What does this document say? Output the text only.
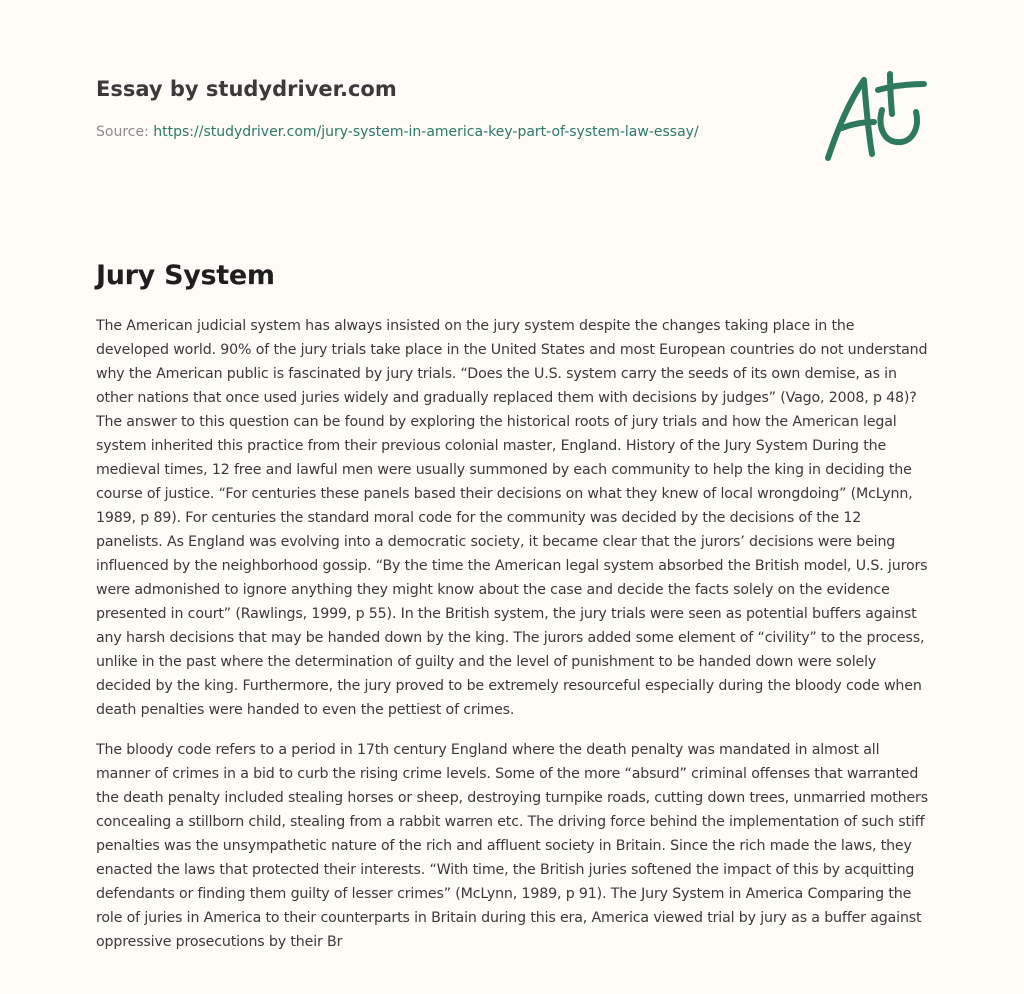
Essay by studydriver.com
Source: https://studydriver.com/jury-system-in-america-key-part-of-system-law-essay/
Jury System

The American judicial system has always insisted on the jury system despite the changes taking place in the developed world. 90% of the jury trials take place in the United States and most European countries do not understand why the American public is fascinated by jury trials. “Does the U.S. system carry the seeds of its own demise, as in other nations that once used juries widely and gradually replaced them with decisions by judges” (Vago, 2008, p 48)? The answer to this question can be found by exploring the historical roots of jury trials and how the American legal system inherited this practice from their previous colonial master, England. History of the Jury System During the medieval times, 12 free and lawful men were usually summoned by each community to help the king in deciding the course of justice. “For centuries these panels based their decisions on what they knew of local wrongdoing” (McLynn, 1989, p 89). For centuries the standard moral code for the community was decided by the decisions of the 12 panelists. As England was evolving into a democratic society, it became clear that the jurors’ decisions were being influenced by the neighborhood gossip. “By the time the American legal system absorbed the British model, U.S. jurors were admonished to ignore anything they might know about the case and decide the facts solely on the evidence presented in court” (Rawlings, 1999, p 55). In the British system, the jury trials were seen as potential buffers against any harsh decisions that may be handed down by the king. The jurors added some element of “civility” to the process, unlike in the past where the determination of guilty and the level of punishment to be handed down were solely decided by the king. Furthermore, the jury proved to be extremely resourceful especially during the bloody code when death penalties were handed to even the pettiest of crimes.

The bloody code refers to a period in 17th century England where the death penalty was mandated in almost all manner of crimes in a bid to curb the rising crime levels. Some of the more “absurd” criminal offenses that warranted the death penalty included stealing horses or sheep, destroying turnpike roads, cutting down trees, unmarried mothers concealing a stillborn child, stealing from a rabbit warren etc. The driving force behind the implementation of such stiff penalties was the unsympathetic nature of the rich and affluent society in Britain. Since the rich made the laws, they enacted the laws that protected their interests. “With time, the British juries softened the impact of this by acquitting defendants or finding them guilty of lesser crimes” (McLynn, 1989, p 91). The Jury System in America Comparing the role of juries in America to their counterparts in Britain during this era, America viewed trial by jury as a buffer against oppressive prosecutions by their Br
